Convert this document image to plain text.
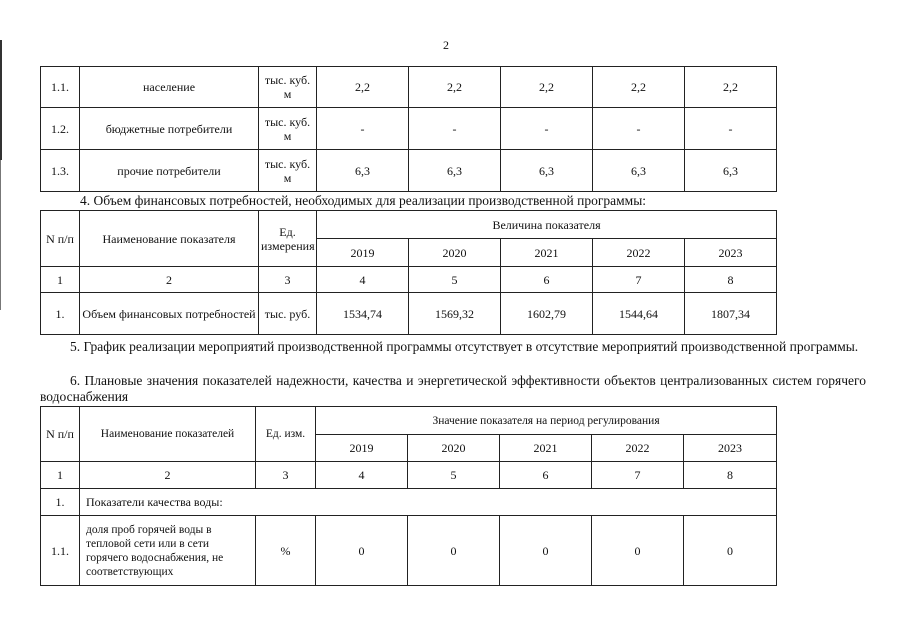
2
1.1.	население	тыс. куб. м	2,2	2,2	2,2	2,2	2,2
1.2.	бюджетные потребители	тыс. куб. м	-	-	-	-	-
1.3.	прочие потребители	тыс. куб. м	6,3	6,3	6,3	6,3	6,3

4. Объем финансовых потребностей, необходимых для реализации производственной программы:

N п/п	Наименование показателя	Ед. измерения	Величина показателя				
			2019	2020	2021	2022	2023
1	2	3	4	5	6	7	8
1.	Объем финансовых потребностей	тыс. руб.	1534,74	1569,32	1602,79	1544,64	1807,34

5. График реализации мероприятий производственной программы отсутствует в отсутствие мероприятий производственной программы.

6. Плановые значения показателей надежности, качества и энергетической эффективности объектов централизованных систем горячего водоснабжения

N п/п	Наименование показателей	Ед. изм.	Значение показателя на период регулирования				
			2019	2020	2021	2022	2023
1	2	3	4	5	6	7	8
1.	Показатели качества воды:						
1.1.	доля проб горячей воды в тепловой сети или в сети горячего водоснабжения, не соответствующих	%	0	0	0	0	0
